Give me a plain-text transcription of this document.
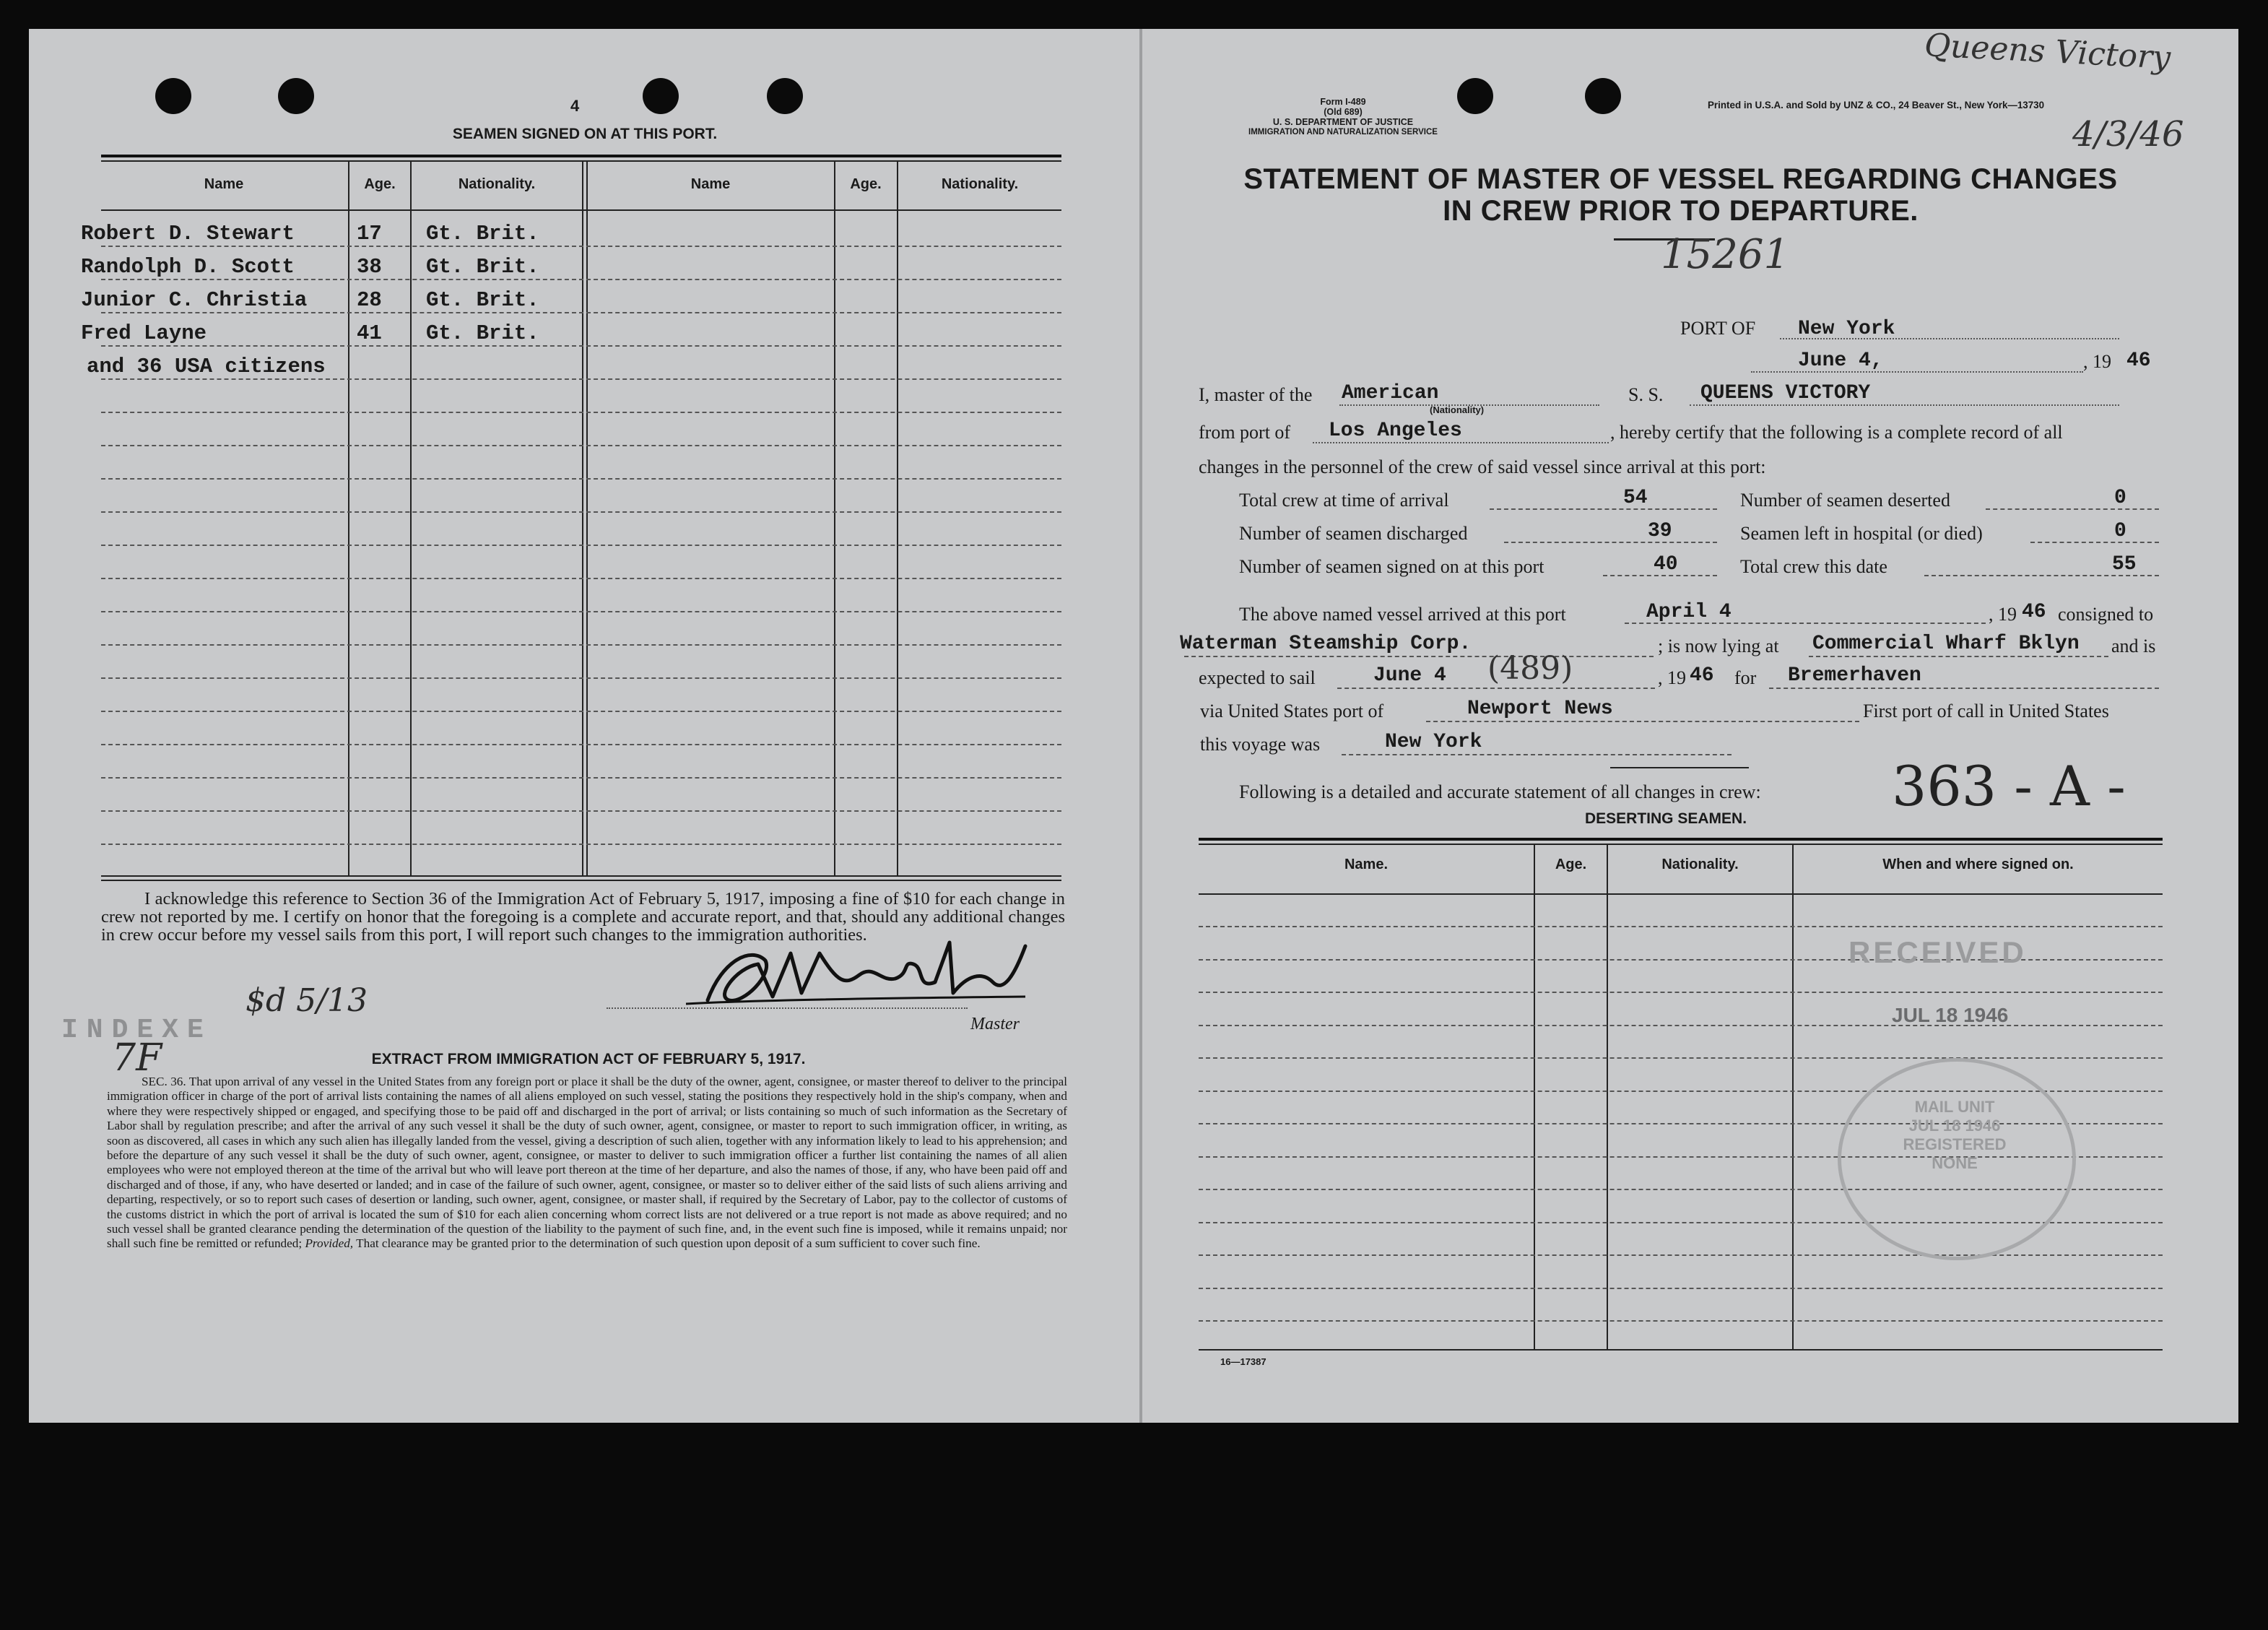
4
SEAMEN SIGNED ON AT THIS PORT.
Name	Age.	Nationality.	Name	Age.	Nationality.
Robert D. Stewart	17 Gt. Brit.
Randolph D. Scott	38 Gt. Brit.
Junior C. Christia 28 Gt. Brit.
Fred Layne	41 Gt. Brit.
and 36 USA citizens
I acknowledge this reference to Section 36 of the Immigration Act of February 5, 1917, imposing a fine of $10 for each change in crew not reported by me. I certify on honor that the foregoing is a complete and accurate report, and that, should any additional changes in crew occur before my vessel sails from this port, I will report such changes to the immigration authorities.
Master
INDEXE
7F
$d 5/13
EXTRACT FROM IMMIGRATION ACT OF FEBRUARY 5, 1917.
SEC. 36. That upon arrival of any vessel in the United States from any foreign port or place it shall be the duty of the owner, agent, consignee, or master thereof to deliver to the principal immigration officer in charge of the port of arrival lists containing the names of all aliens employed on such vessel, stating the positions they respectively hold in the ship's company, when and where they were respectively shipped or engaged, and specifying those to be paid off and discharged in the port of arrival; or lists containing so much of such information as the Secretary of Labor shall by regulation prescribe; and after the arrival of any such vessel it shall be the duty of such owner, agent, consignee, or master to report to such immigration officer, in writing, as soon as discovered, all cases in which any such alien has illegally landed from the vessel, giving a description of such alien, together with any information likely to lead to his apprehension; and before the departure of any such vessel it shall be the duty of such owner, agent, consignee, or master to deliver to such immigration officer a further list containing the names of all alien employees who were not employed thereon at the time of the arrival but who will leave port thereon at the time of her departure, and also the names of those, if any, who have been paid off and discharged and of those, if any, who have deserted or landed; and in case of the failure of such owner, agent, consignee, or master so to deliver either of the said lists of such aliens arriving and departing, respectively, or so to report such cases of desertion or landing, such owner, agent, consignee, or master shall, if required by the Secretary of Labor, pay to the collector of customs of the customs district in which the port of arrival is located the sum of $10 for each alien concerning whom correct lists are not delivered or a true report is not made as above required; and no such vessel shall be granted clearance pending the determination of the question of the liability to the payment of such fine, and, in the event such fine is imposed, while it remains unpaid; nor shall such fine be remitted or refunded; Provided, That clearance may be granted prior to the determination of such question upon deposit of a sum sufficient to cover such fine.
Form I-489
(Old 689)
U. S. DEPARTMENT OF JUSTICE
IMMIGRATION AND NATURALIZATION SERVICE
Printed in U.S.A. and Sold by UNZ & CO., 24 Beaver St., New York—13730
Queens Victory
4/3/46
STATEMENT OF MASTER OF VESSEL REGARDING CHANGES
IN CREW PRIOR TO DEPARTURE.
15261
PORT OF New York
June 4,	, 19 46
I, master of the American
(Nationality)
S. S. QUEENS VICTORY
from port of Los Angeles	, hereby certify that the following is a complete record of all
changes in the personnel of the crew of said vessel since arrival at this port:
Total crew at time of arrival	54	Number of seamen deserted	0
Number of seamen discharged	39	Seamen left in hospital (or died)	0
Number of seamen signed on at this port	40	Total crew this date	55
The above named vessel arrived at this port	April 4	, 19 46 consigned to
Waterman Steamship Corp.	; is now lying at Commercial Wharf Bklyn and is
expected to sail	June 4 (489)	, 19 46 for Bremerhaven
via United States port of	Newport News	First port of call in United States
this voyage was	New York
Following is a detailed and accurate statement of all changes in crew: 363 - A -
DESERTING SEAMEN.
Name.	Age.	Nationality.	When and where signed on.
16—17387
RECEIVED
JUL 18 1946
MAIL UNIT
JUL 18 1946
REGISTERED
NONE
